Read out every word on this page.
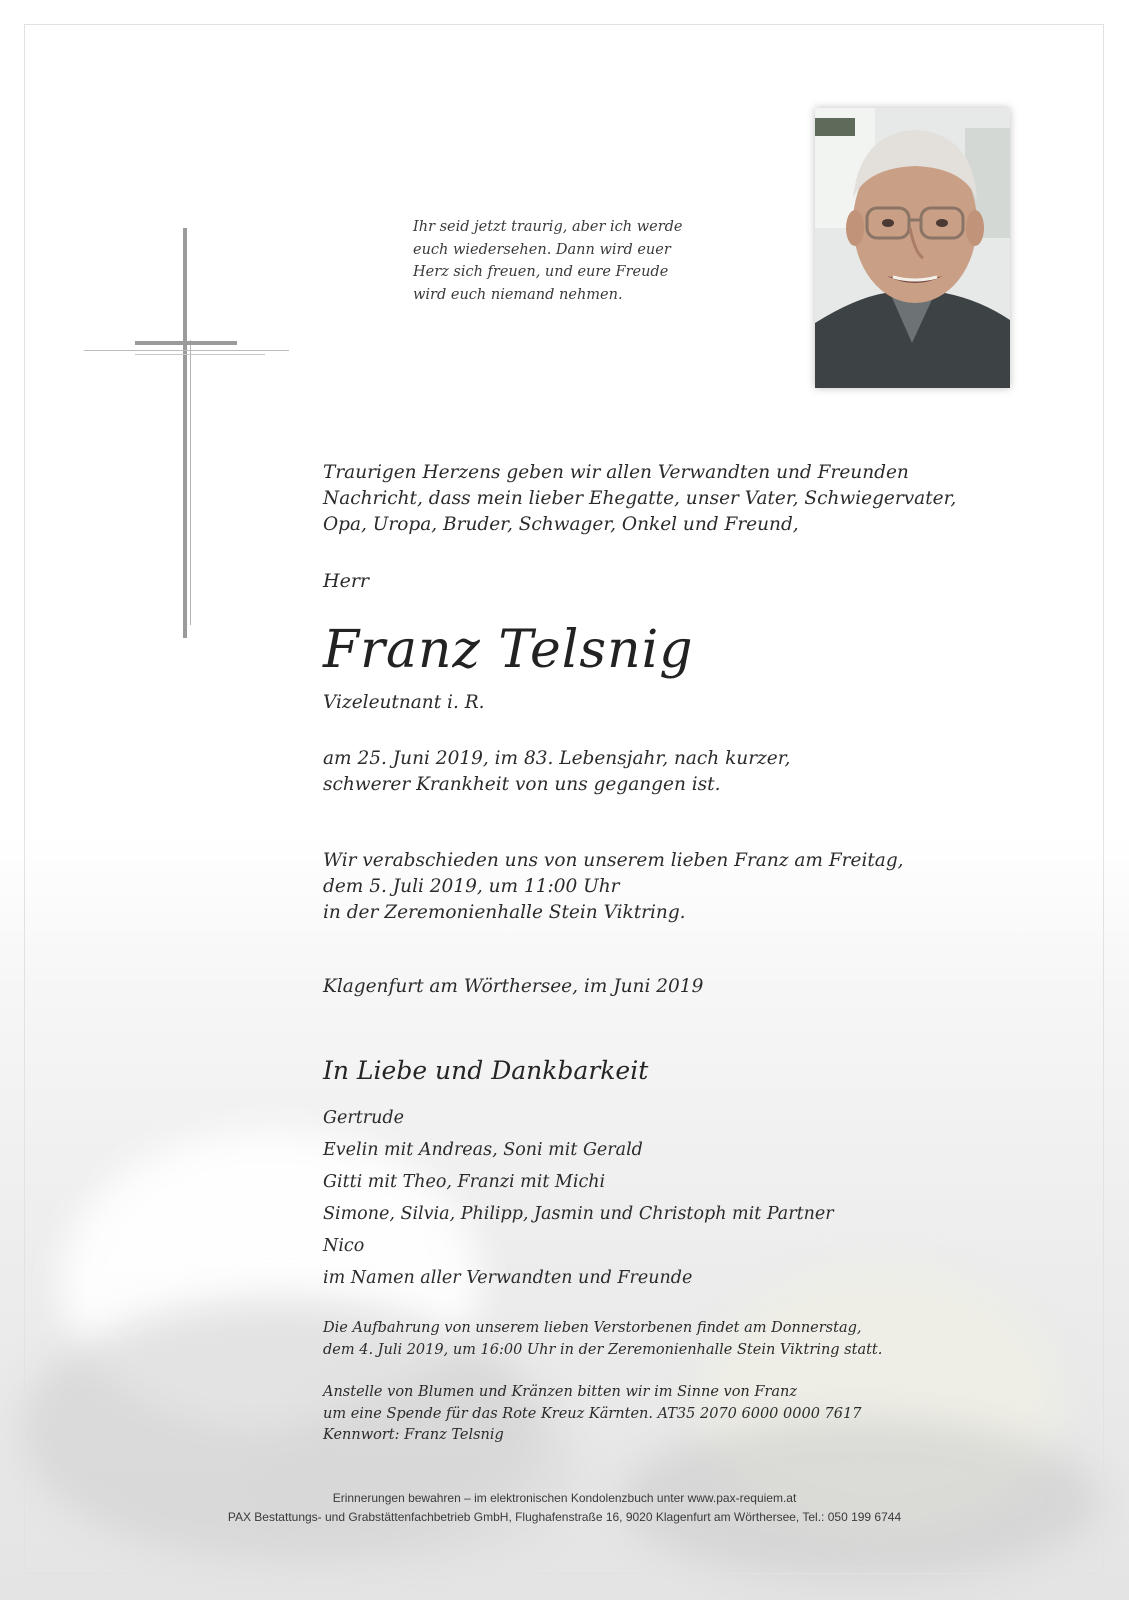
Ihr seid jetzt traurig, aber ich werde
euch wiedersehen. Dann wird euer
Herz sich freuen, und eure Freude
wird euch niemand nehmen.
Traurigen Herzens geben wir allen Verwandten und Freunden
Nachricht, dass mein lieber Ehegatte, unser Vater, Schwiegervater,
Opa, Uropa, Bruder, Schwager, Onkel und Freund,
Herr
Franz Telsnig
Vizeleutnant i. R.
am 25. Juni 2019, im 83. Lebensjahr, nach kurzer,
schwerer Krankheit von uns gegangen ist.
Wir verabschieden uns von unserem lieben Franz am Freitag,
dem 5. Juli 2019, um 11:00 Uhr
in der Zeremonienhalle Stein Viktring.
Klagenfurt am Wörthersee, im Juni 2019
In Liebe und Dankbarkeit
Gertrude
Evelin mit Andreas, Soni mit Gerald
Gitti mit Theo, Franzi mit Michi
Simone, Silvia, Philipp, Jasmin und Christoph mit Partner
Nico
im Namen aller Verwandten und Freunde
Die Aufbahrung von unserem lieben Verstorbenen findet am Donnerstag,
dem 4. Juli 2019, um 16:00 Uhr in der Zeremonienhalle Stein Viktring statt.
Anstelle von Blumen und Kränzen bitten wir im Sinne von Franz
um eine Spende für das Rote Kreuz Kärnten. AT35 2070 6000 0000 7617
Kennwort: Franz Telsnig
Erinnerungen bewahren – im elektronischen Kondolenzbuch unter www.pax-requiem.at
PAX Bestattungs- und Grabstättenfachbetrieb GmbH, Flughafenstraße 16, 9020 Klagenfurt am Wörthersee, Tel.: 050 199 6744
